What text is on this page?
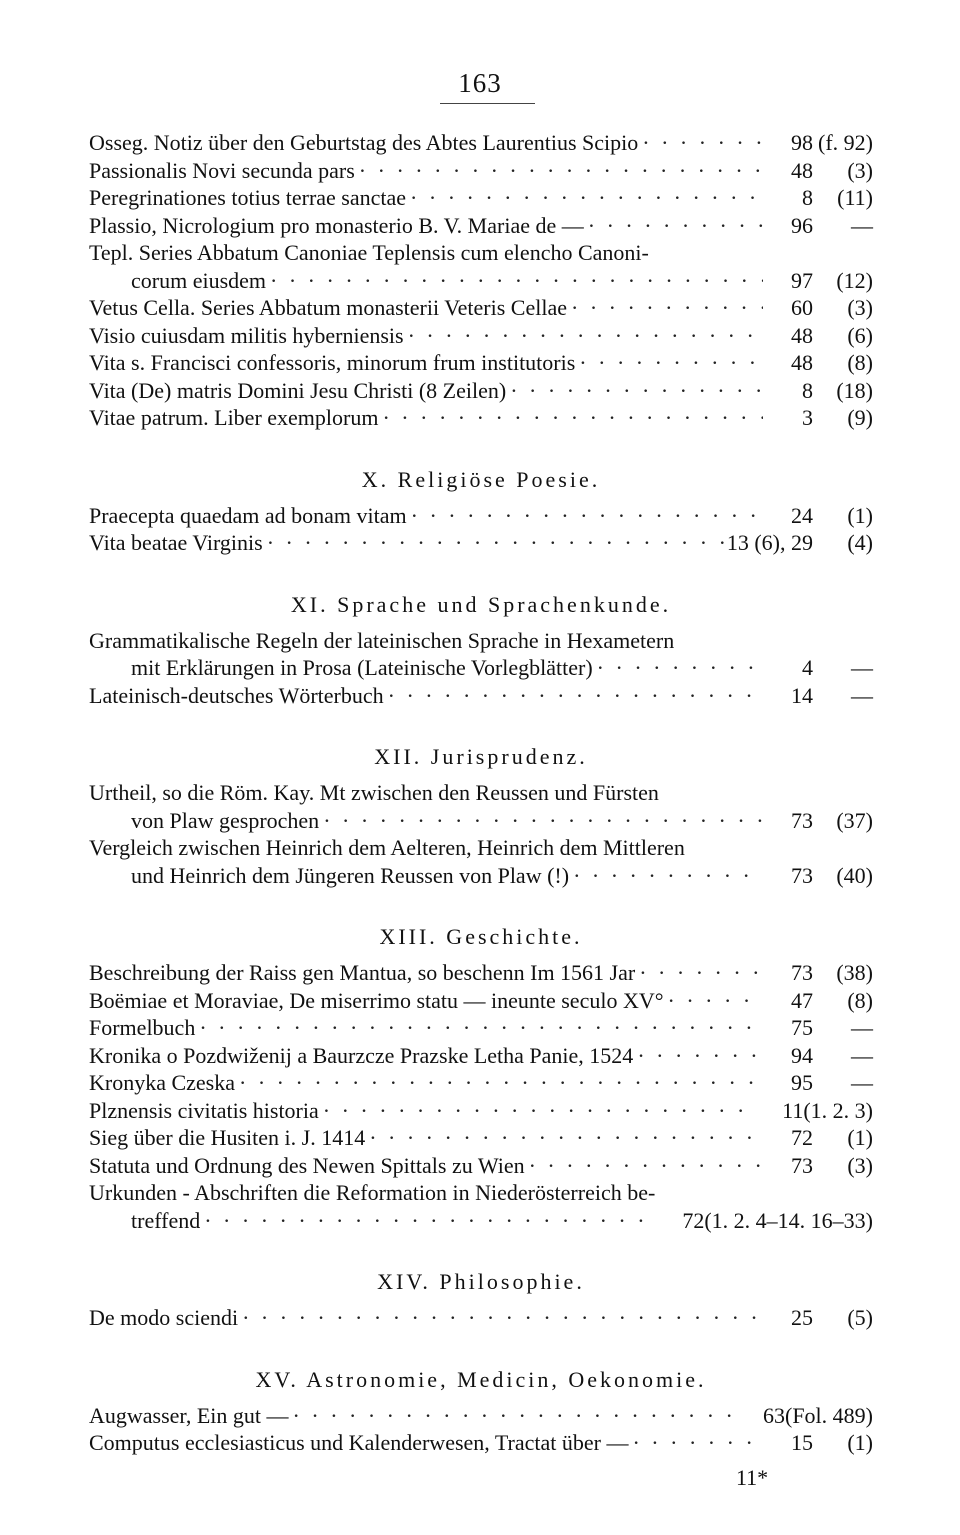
163
Osseg. Notiz über den Geburtstag des Abtes Laurentius Scipio · · ·	98 (f. 92)
Passionalis Novi secunda pars · · ·	48	(3)
Peregrinationes totius terrae sanctae · · ·	8	(11)
Plassio, Nicrologium pro monasterio B. V. Mariae de — · · ·	96	—
Tepl. Series Abbatum Canoniae Teplensis cum elencho Canoni-
corum eiusdem · · ·	97	(12)
Vetus Cella. Series Abbatum monasterii Veteris Cellae · · ·	60	(3)
Visio cuiusdam militis hyberniensis · · ·	48	(6)
Vita s. Francisci confessoris, minorum frum institutoris · · ·	48	(8)
Vita (De) matris Domini Jesu Christi (8 Zeilen) · · ·	8	(18)
Vitae patrum. Liber exemplorum · · ·	3	(9)
X. Religiöse Poesie.
Praecepta quaedam ad bonam vitam · · ·	24	(1)
Vita beatae Virginis · · ·	13 (6), 29	(4)
XI. Sprache und Sprachenkunde.
Grammatikalische Regeln der lateinischen Sprache in Hexametern
mit Erklärungen in Prosa (Lateinische Vorlegblätter) · · ·	4	—
Lateinisch-deutsches Wörterbuch · · ·	14	—
XII. Jurisprudenz.
Urtheil, so die Röm. Kay. Mt zwischen den Reussen und Fürsten
von Plaw gesprochen · · ·	73	(37)
Vergleich zwischen Heinrich dem Aelteren, Heinrich dem Mittleren
und Heinrich dem Jüngeren Reussen von Plaw (!) · · ·	73	(40)
XIII. Geschichte.
Beschreibung der Raiss gen Mantua, so beschenn Im 1561 Jar · · ·	73	(38)
Boëmiae et Moraviae, De miserrimo statu — ineunte seculo XV° · · ·	47	(8)
Formelbuch · · ·	75	—
Kronika o Pozdwiženij a Baurzcze Prazske Letha Panie, 1524 · · ·	94	—
Kronyka Czeska · · ·	95	—
Plznensis civitatis historia · · ·	11 (1. 2. 3)
Sieg über die Husiten i. J. 1414 · · ·	72	(1)
Statuta und Ordnung des Newen Spittals zu Wien · · ·	73	(3)
Urkunden - Abschriften die Reformation in Niederösterreich be-
treffend · · ·	72 (1. 2. 4–14. 16–33)
XIV. Philosophie.
De modo sciendi · · ·	25	(5)
XV. Astronomie, Medicin, Oekonomie.
Augwasser, Ein gut — · · ·	63 (Fol. 489)
Computus ecclesiasticus und Kalenderwesen, Tractat über — · · ·	15	(1)
11*
